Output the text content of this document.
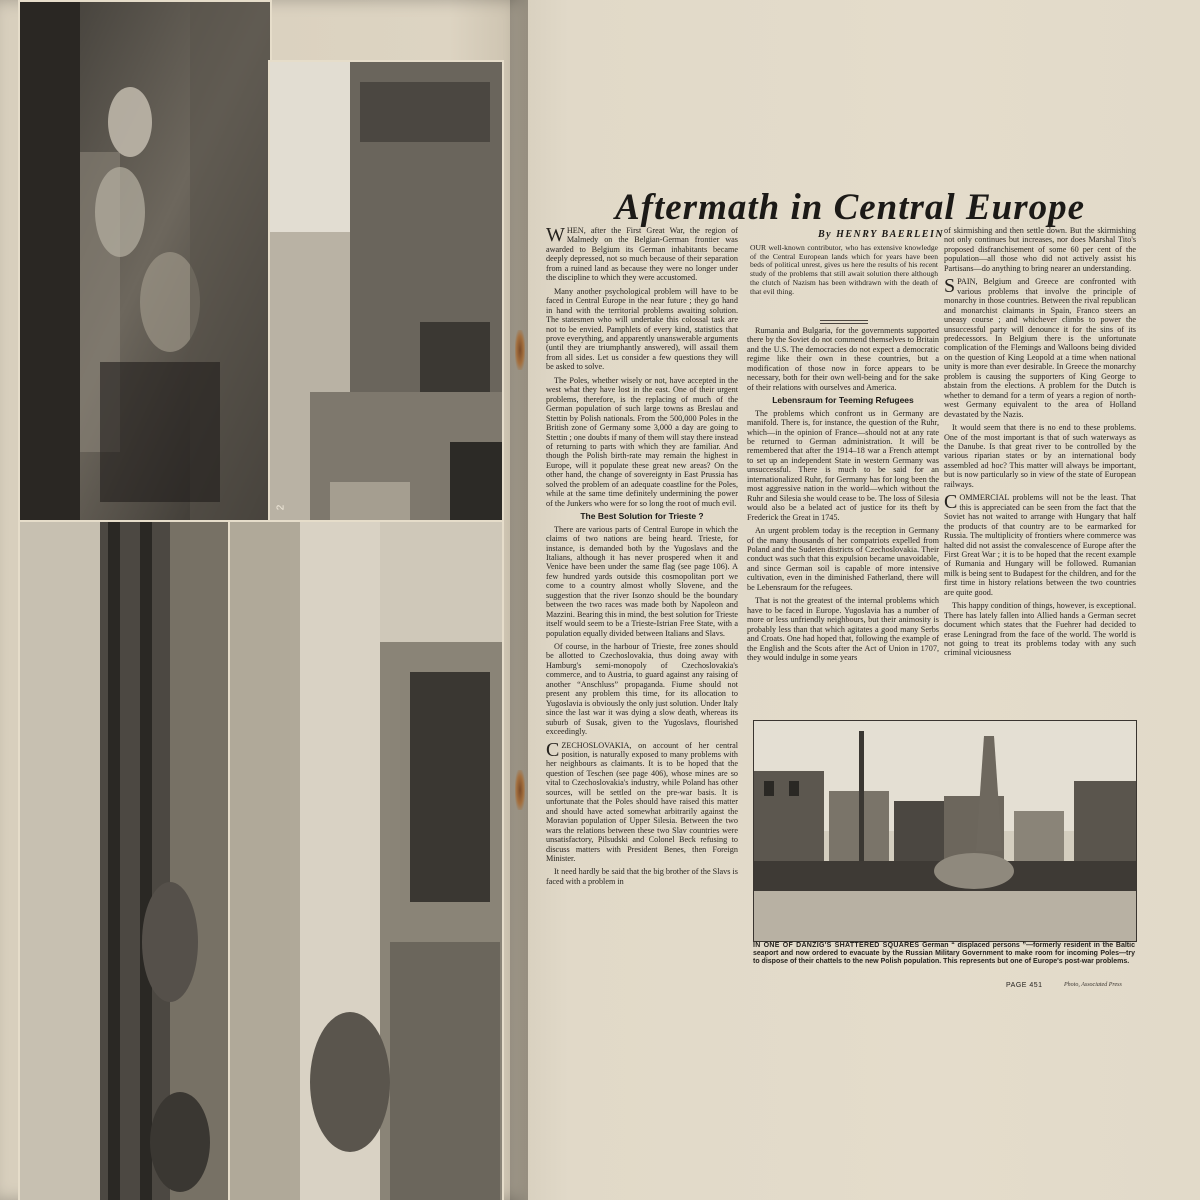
2
Aftermath in Central Europe
By HENRY BAERLEIN

WHEN, after the First Great War, the region of Malmedy on the Belgian-German frontier was awarded to Belgium its German inhabitants became deeply depressed, not so much because of their separation from a ruined land as because they were no longer under the discipline to which they were accustomed.

Many another psychological problem will have to be faced in Central Europe in the near future ; they go hand in hand with the territorial problems awaiting solution. The statesmen who will undertake this colossal task are not to be envied. Pamphlets of every kind, statistics that prove everything, and apparently unanswerable arguments (until they are triumphantly answered), will assail them from all sides. Let us consider a few questions they will be asked to solve.

The Poles, whether wisely or not, have accepted in the west what they have lost in the east. One of their urgent problems, therefore, is the replacing of much of the German population of such large towns as Breslau and Stettin by Polish nationals. From the 500,000 Poles in the British zone of Germany some 3,000 a day are going to Stettin ; one doubts if many of them will stay there instead of returning to parts with which they are familiar. And though the Polish birth-rate may remain the highest in Europe, will it populate these great new areas? On the other hand, the change of sovereignty in East Prussia has solved the problem of an adequate coastline for the Poles, while at the same time definitely undermining the power of the Junkers who were for so long the root of much evil.

The Best Solution for Trieste ?

There are various parts of Central Europe in which the claims of two nations are being heard. Trieste, for instance, is demanded both by the Yugoslavs and the Italians, although it has never prospered when it and Venice have been under the same flag (see page 106). A few hundred yards outside this cosmopolitan port we come to a country almost wholly Slovene, and the suggestion that the river Isonzo should be the boundary between the two races was made both by Napoleon and Mazzini. Bearing this in mind, the best solution for Trieste itself would seem to be a Trieste-Istrian Free State, with a population equally divided between Italians and Slavs.

Of course, in the harbour of Trieste, free zones should be allotted to Czechoslovakia, thus doing away with Hamburg's semi-monopoly of Czechoslovakia's commerce, and to Austria, to guard against any raising of another “Anschluss” propaganda. Fiume should not present any problem this time, for its allocation to Yugoslavia is obviously the only just solution. Under Italy since the last war it was dying a slow death, whereas its suburb of Susak, given to the Yugoslavs, flourished exceedingly.

CZECHOSLOVAKIA, on account of her central position, is naturally exposed to many problems with her neighbours as claimants. It is to be hoped that the question of Teschen (see page 406), whose mines are so vital to Czechoslovakia's industry, while Poland has other sources, will be settled on the pre-war basis. It is unfortunate that the Poles should have raised this matter and should have acted somewhat arbitrarily against the Moravian population of Upper Silesia. Between the two wars the relations between these two Slav countries were unsatisfactory, Pilsudski and Colonel Beck refusing to discuss matters with President Benes, then Foreign Minister.

It need hardly be said that the big brother of the Slavs is faced with a problem in

OUR well-known contributor, who has extensive knowledge of the Central European lands which for years have been beds of political unrest, gives us here the results of his recent study of the problems that still await solution there although the clutch of Nazism has been withdrawn with the death of that evil thing.

Rumania and Bulgaria, for the governments supported there by the Soviet do not commend themselves to Britain and the U.S. The democracies do not expect a democratic regime like their own in these countries, but a modification of those now in force appears to be necessary, both for their own well-being and for the sake of their relations with ourselves and America.

Lebensraum for Teeming Refugees

The problems which confront us in Germany are manifold. There is, for instance, the question of the Ruhr, which—in the opinion of France—should not at any rate be returned to German administration. It will be remembered that after the 1914–18 war a French attempt to set up an independent State in western Germany was unsuccessful. There is much to be said for an internationalized Ruhr, for Germany has for long been the most aggressive nation in the world—which without the Ruhr and Silesia she would cease to be. The loss of Silesia would also be a belated act of justice for its theft by Frederick the Great in 1745.

An urgent problem today is the reception in Germany of the many thousands of her compatriots expelled from Poland and the Sudeten districts of Czechoslovakia. Their conduct was such that this expulsion became unavoidable, and since German soil is capable of more intensive cultivation, even in the diminished Fatherland, there will be Lebensraum for the refugees.

That is not the greatest of the internal problems which have to be faced in Europe. Yugoslavia has a number of more or less unfriendly neighbours, but their animosity is probably less than that which agitates a good many Serbs and Croats. One had hoped that, following the example of the English and the Scots after the Act of Union in 1707, they would indulge in some years

of skirmishing and then settle down. But the skirmishing not only continues but increases, nor does Marshal Tito's proposed disfranchisement of some 60 per cent of the population—all those who did not actively assist his Partisans—do anything to bring nearer an understanding.

SPAIN, Belgium and Greece are confronted with various problems that involve the principle of monarchy in those countries. Between the rival republican and monarchist claimants in Spain, Franco steers an uneasy course ; and whichever climbs to power the unsuccessful party will denounce it for the sins of its predecessors. In Belgium there is the unfortunate complication of the Flemings and Walloons being divided on the question of King Leopold at a time when national unity is more than ever desirable. In Greece the monarchy problem is causing the supporters of King George to abstain from the elections. A problem for the Dutch is whether to demand for a term of years a region of north-west Germany equivalent to the area of Holland devastated by the Nazis.

It would seem that there is no end to these problems. One of the most important is that of such waterways as the Danube. Is that great river to be controlled by the various riparian states or by an international body assembled ad hoc? This matter will always be important, but is now particularly so in view of the state of European railways.

COMMERCIAL problems will not be the least. That this is appreciated can be seen from the fact that the Soviet has not waited to arrange with Hungary that half the products of that country are to be earmarked for Russia. The multiplicity of frontiers where commerce was halted did not assist the convalescence of Europe after the First Great War ; it is to be hoped that the recent example of Rumania and Hungary will be followed. Rumanian milk is being sent to Budapest for the children, and for the first time in history relations between the two countries are quite good.

This happy condition of things, however, is exceptional. There has lately fallen into Allied hands a German secret document which states that the Fuehrer had decided to erase Leningrad from the face of the world. The world is not going to treat its problems today with any such criminal viciousness

IN ONE OF DANZIG'S SHATTERED SQUARES German “ displaced persons ”—formerly resident in the Baltic seaport and now ordered to evacuate by the Russian Military Government to make room for incoming Poles—try to dispose of their chattels to the new Polish population. This represents but one of Europe's post-war problems.
PAGE 451	Photo, Associated Press
